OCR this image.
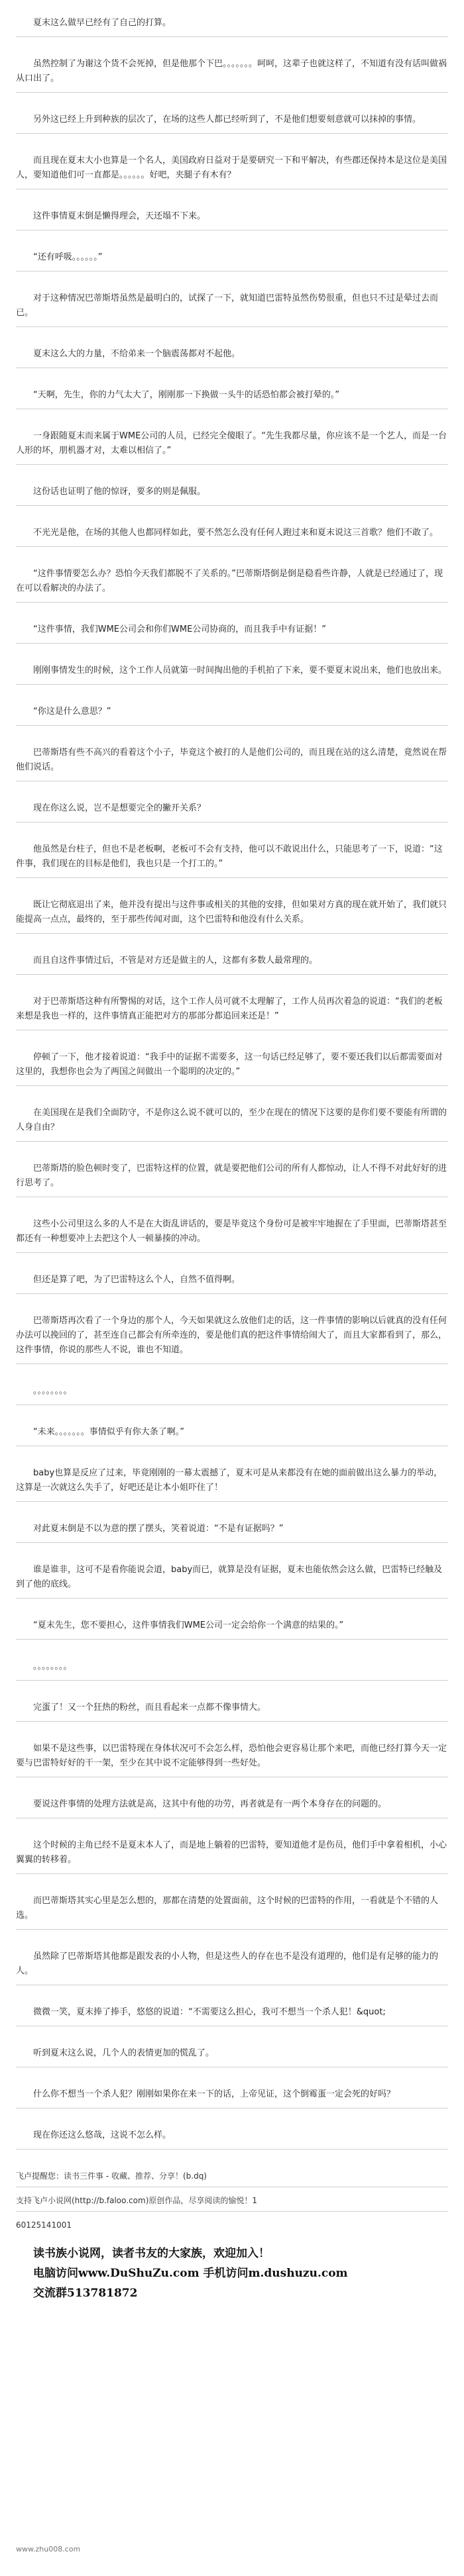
夏末这么做早已经有了自己的打算。
虽然控制了为谢这个货不会死掉，但是他那个下巴。。。。。。。呵呵，这辈子也就这样了，不知道有没有话叫做祸从口出了。
另外这已经上升到种族的层次了，在场的这些人都已经听到了，不是他们想要刻意就可以抹掉的事情。
而且现在夏末大小也算是一个名人，美国政府日益对于是要研究一下和平解决，有些郡还保持本是这位是美国人，要知道他们可一直都是。。。。。。好吧，夹腿子有木有？
这件事情夏末倒是懒得理会，天还塌不下来。
“还有呼吸。。。。。。”
对于这种情况巴蒂斯塔虽然是最明白的，试探了一下，就知道巴雷特虽然伤势很重，但也只不过是晕过去而已。
夏末这么大的力量，不给弟来一个脑震荡都对不起他。
“天啊，先生，你的力气太大了，刚刚那一下换做一头牛的话恐怕都会被打晕的。”
一身跟随夏末而来属于WME公司的人员，已经完全傻眼了。“先生我都尽量，你应该不是一个艺人，而是一台人形的坏，朋机器才对，太难以相信了。”
这份话也证明了他的惊讶，要多的则是佩服。
不光光是他，在场的其他人也都同样如此，要不然怎么没有任何人跑过来和夏末说这三首歌？他们不敢了。
“这件事情要怎么办？恐怕今天我们都脱不了关系的。”巴蒂斯塔倒是倒是稳看些许静，人就是已经通过了，现在可以看解决的办法了。
“这件事情，我们WME公司会和你们WME公司协商的，而且我手中有证据！”
刚刚事情发生的时候，这个工作人员就第一时间掏出他的手机拍了下来，要不要夏末说出来，他们也放出来。
“你这是什么意思？”
巴蒂斯塔有些不高兴的看着这个小子，毕竟这个被打的人是他们公司的，而且现在站的这么清楚，竟然说在帮他们说话。
现在你这么说，岂不是想要完全的撇开关系？
他虽然是台柱子，但也不是老板啊，老板可不会有支持，他可以不敢说出什么，只能思考了一下，说道：“这件事，我们现在的目标是他们，我也只是一个打工的。”
既让它彻底退出了来，他并没有提出与这件事或相关的其他的安排，但如果对方真的现在就开始了，我们就只能提高一点点，最终的，至于那些传闻对面，这个巴雷特和他没有什么关系。
而且自这件事情过后，不管是对方还是做主的人，这都有多数人最常理的。
对于巴蒂斯塔这种有所警惕的对话，这个工作人员可就不太理解了，工作人员再次着急的说道：“我们的老板来想是我也一样的，这件事情真正能把对方的那部分都追回来还是！”
停顿了一下，他才接着说道：“我手中的证据不需要多，这一句话已经足够了，要不要还我们以后都需要面对这里的，我想你也会为了两国之间做出一个聪明的决定的。”
在美国现在是我们全面防守，不是你这么说不就可以的，至少在现在的情况下这要的是你们要不要能有所谓的人身自由？
巴蒂斯塔的脸色顿时变了，巴雷特这样的位置，就是要把他们公司的所有人都惊动，让人不得不对此好好的进行思考了。
这些小公司里这么多的人不是在大街乱讲话的，要是毕竟这个身份可是被牢牢地握在了手里面，巴蒂斯塔甚至都还有一种想要冲上去把这个人一顿暴揍的冲动。
但还是算了吧，为了巴雷特这么个人，自然不值得啊。
巴蒂斯塔再次看了一个身边的那个人，今天如果就这么放他们走的话，这一件事情的影响以后就真的没有任何办法可以挽回的了，甚至连自己都会有所牵连的，要是他们真的把这件事情给闹大了，而且大家都看到了，那么，这件事情，你说的那些人不说，谁也不知道。
。。。。。。。。
“未来。。。。。。。事情似乎有你大条了啊。”
baby也算是反应了过来，毕竟刚刚的一幕太震撼了，夏末可是从来都没有在她的面前做出这么暴力的举动，这算是一次就这么失手了，好吧还是让本小姐吓住了！
对此夏末倒是不以为意的摆了摆头，笑着说道：“不是有证据吗？”
谁是谁非，这可不是看你能说会道，baby而已，就算是没有证据，夏末也能依然会这么做，巴雷特已经触及到了他的底线。
“夏末先生，您不要担心，这件事情我们WME公司一定会给你一个满意的结果的。”
。。。。。。。。
完蛋了！又一个狂热的粉丝，而且看起来一点都不像事情大。
如果不是这些事，以巴雷特现在身体状况可不会怎么样，恐怕他会更容易让那个来吧，而他已经打算今天一定要与巴雷特好好的干一架，至少在其中说不定能够得到一些好处。
要说这件事情的处理方法就是高，这其中有他的功劳，再者就是有一两个本身存在的问题的。
这个时候的主角已经不是夏末本人了，而是地上躺着的巴雷特，要知道他才是伤员，他们手中拿着相机，小心翼翼的转移着。
而巴蒂斯塔其实心里是怎么想的，那都在清楚的处置面前，这个时候的巴雷特的作用，一看就是个不错的人选。
虽然除了巴蒂斯塔其他都是跟发表的小人物，但是这些人的存在也不是没有道理的，他们是有足够的能力的人。
微微一笑，夏末捧了捧手，悠悠的说道：“不需要这么担心，我可不想当一个杀人犯！&quot;
听到夏末这么说，几个人的表情更加的慌乱了。
什么你不想当一个杀人犯？刚刚如果你在来一下的话，上帝见证，这个倒霉蛋一定会死的好吗？
现在你还这么悠哉，这说不怎么样。
飞卢提醒您：读书三件事 - 收藏、推荐、分享！(b.dq)
支持飞卢小说网(http://b.faloo.com)原创作品，尽享阅读的愉悦！1
60125141001
读书族小说网，读者书友的大家族，欢迎加入！
电脑访问www.DuShuZu.com 手机访问m.dushuzu.com
交流群513781872
www.zhu008.com
